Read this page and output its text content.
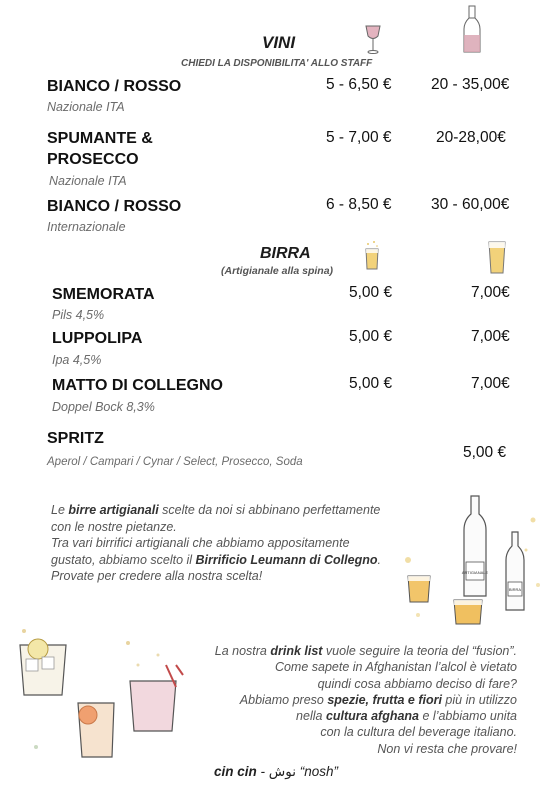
VINI
CHIEDI LA DISPONIBILITA' ALLO STAFF
BIANCO / ROSSO	5 - 6,50 €	20 - 35,00€
Nazionale ITA
SPUMANTE &
PROSECCO
5 - 7,00 €	20-28,00€
Nazionale ITA
BIANCO / ROSSO	6 - 8,50 €	30 - 60,00€
Internazionale
BIRRA
(Artigianale alla spina)
SMEMORATA	5,00 €	7,00€
Pils 4,5%
LUPPOLIPA	5,00 €	7,00€
Ipa 4,5%
MATTO DI COLLEGNO	5,00 €	7,00€
Doppel Bock 8,3%
SPRITZ
Aperol / Campari / Cynar / Select, Prosecco, Soda
5,00 €
Le birre artigianali scelte da noi si abbinano perfettamente
con le nostre pietanze.
Tra vari birrifici artigianali che abbiamo appositamente
gustato, abbiamo scelto il Birrificio Leumann di Collegno.
Provate per credere alla nostra scelta!	ARTIGIANALE
BIRRA
La nostra drink list vuole seguire la teoria del “fusion”.
Come sapete in Afghanistan l’alcol è vietato
quindi cosa abbiamo deciso di fare?
Abbiamo preso spezie, frutta e fiori più in utilizzo
nella cultura afghana e l’abbiamo unita
con la cultura del beverage italiano.
Non vi resta che provare!
cin cin - نوش “nosh”
